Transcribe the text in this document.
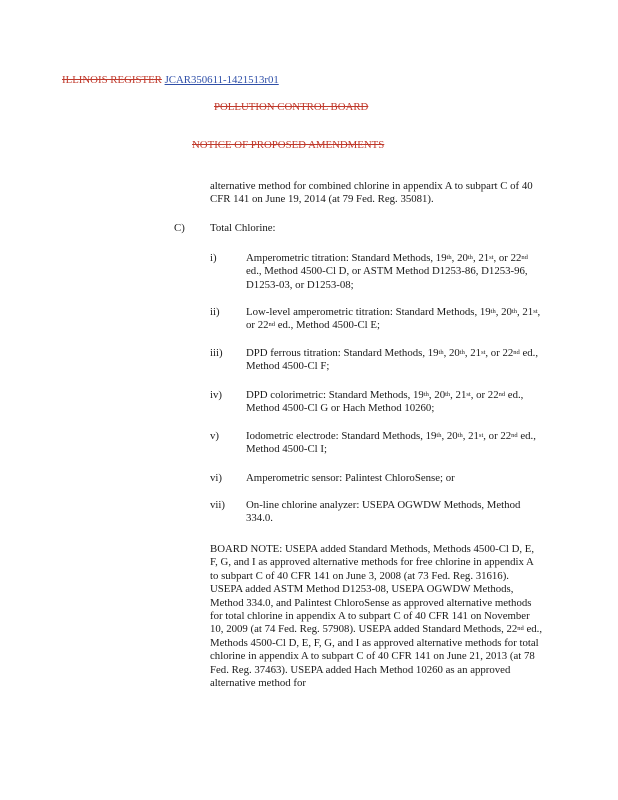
ILLINOIS REGISTER JCAR350611-1421513r01
POLLUTION CONTROL BOARD
NOTICE OF PROPOSED AMENDMENTS
alternative method for combined chlorine in appendix A to subpart C of 40 CFR 141 on June 19, 2014 (at 79 Fed. Reg. 35081).
C) Total Chlorine:
i)	Amperometric titration: Standard Methods, 19th, 20th, 21st, or 22nd ed., Method 4500-Cl D, or ASTM Method D1253-86, D1253-96, D1253-03, or D1253-08;
ii) Low-level amperometric titration: Standard Methods, 19th, 20th, 21st, or 22nd ed., Method 4500-Cl E;
iii) DPD ferrous titration: Standard Methods, 19th, 20th, 21st, or 22nd ed., Method 4500-Cl F;
iv) DPD colorimetric: Standard Methods, 19th, 20th, 21st, or 22nd ed., Method 4500-Cl G or Hach Method 10260;
v)	Iodometric electrode: Standard Methods, 19th, 20th, 21st, or 22nd ed., Method 4500-Cl I;
vi) Amperometric sensor: Palintest ChloroSense; or
vii) On-line chlorine analyzer: USEPA OGWDW Methods, Method 334.0.
BOARD NOTE: USEPA added Standard Methods, Methods 4500-Cl D, E, F, G, and I as approved alternative methods for free chlorine in appendix A to subpart C of 40 CFR 141 on June 3, 2008 (at 73 Fed. Reg. 31616). USEPA added ASTM Method D1253-08, USEPA OGWDW Methods, Method 334.0, and Palintest ChloroSense as approved alternative methods for total chlorine in appendix A to subpart C of 40 CFR 141 on November 10, 2009 (at 74 Fed. Reg. 57908). USEPA added Standard Methods, 22nd ed., Methods 4500-Cl D, E, F, G, and I as approved alternative methods for total chlorine in appendix A to subpart C of 40 CFR 141 on June 21, 2013 (at 78 Fed. Reg. 37463). USEPA added Hach Method 10260 as an approved alternative method for
